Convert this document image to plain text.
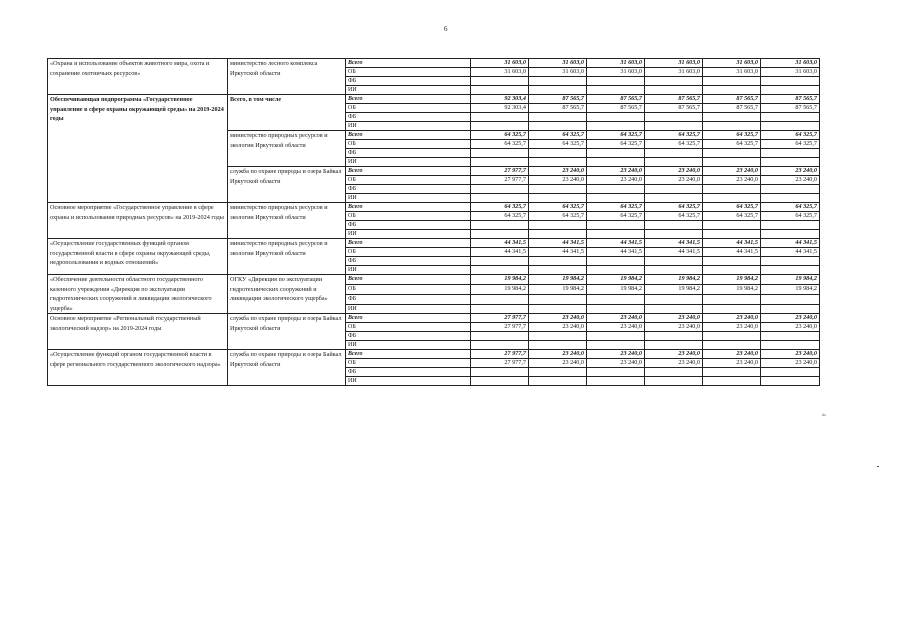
6
«Охрана и использование объектов животного мира, охота и сохранение охотничьих ресурсов»	министерство лесного комплекса Иркутской области	Всего	31 603,0	31 603,0	31 603,0	31 603,0	31 603,0	31 603,0
		ОБ	31 603,0	31 603,0	31 603,0	31 603,0	31 603,0	31 603,0
		ФБ						
		ИИ						
Обеспечивающая подпрограмма «Государственное управление в сфере охраны окружающей среды» на 2019-2024 годы	Всего, в том числе	Всего	92 303,4	87 565,7	87 565,7	87 565,7	87 565,7	87 565,7
		ОБ	92 303,4	87 565,7	87 565,7	87 565,7	87 565,7	87 565,7
		ФБ						
		ИИ						
	министерство природных ресурсов и экологии Иркутской области	Всего	64 325,7	64 325,7	64 325,7	64 325,7	64 325,7	64 325,7
		ОБ	64 325,7	64 325,7	64 325,7	64 325,7	64 325,7	64 325,7
		ФБ						
		ИИ						
	служба по охране природы и озера Байкал Иркутской области	Всего	27 977,7	23 240,0	23 240,0	23 240,0	23 240,0	23 240,0
		ОБ	27 977,7	23 240,0	23 240,0	23 240,0	23 240,0	23 240,0
		ФБ						
		ИИ						
Основное мероприятие «Государственное управление в сфере охраны и использования природных ресурсов» на 2019-2024 годы	министерство природных ресурсов и экологии Иркутской области	Всего	64 325,7	64 325,7	64 325,7	64 325,7	64 325,7	64 325,7
		ОБ	64 325,7	64 325,7	64 325,7	64 325,7	64 325,7	64 325,7
		ФБ						
		ИИ						
«Осуществление государственных функций органом государственной власти в сфере охраны окружающей среды, недропользования и водных отношений»	министерство природных ресурсов и экологии Иркутской области	Всего	44 341,5	44 341,5	44 341,5	44 341,5	44 341,5	44 341,5
		ОБ	44 341,5	44 341,5	44 341,5	44 341,5	44 341,5	44 341,5
		ФБ						
		ИИ						
«Обеспечение деятельности областного государственного казенного учреждения «Дирекция по эксплуатации гидротехнических сооружений и ликвидации экологического ущерба»	ОГКУ «Дирекция по эксплуатации гидротехнических сооружений и ликвидации экологического ущерба»	Всего	19 984,2	19 984,2	19 984,2	19 984,2	19 984,2	19 984,2
		ОБ	19 984,2	19 984,2	19 984,2	19 984,2	19 984,2	19 984,2
		ФБ						
		ИИ						
Основное мероприятие «Региональный государственный экологический надзор» на 2019-2024 годы	служба по охране природы и озера Байкал Иркутской области	Всего	27 977,7	23 240,0	23 240,0	23 240,0	23 240,0	23 240,0
		ОБ	27 977,7	23 240,0	23 240,0	23 240,0	23 240,0	23 240,0
		ФБ						
		ИИ						
«Осуществление функций органом государственной власти в сфере регионального государственного экологического надзора»	служба по охране природы и озера Байкал Иркутской области	Всего	27 977,7	23 240,0	23 240,0	23 240,0	23 240,0	23 240,0
		ОБ	27 977,7	23 240,0	23 240,0	23 240,0	23 240,0	23 240,0
		ФБ						
		ИИ						
».
